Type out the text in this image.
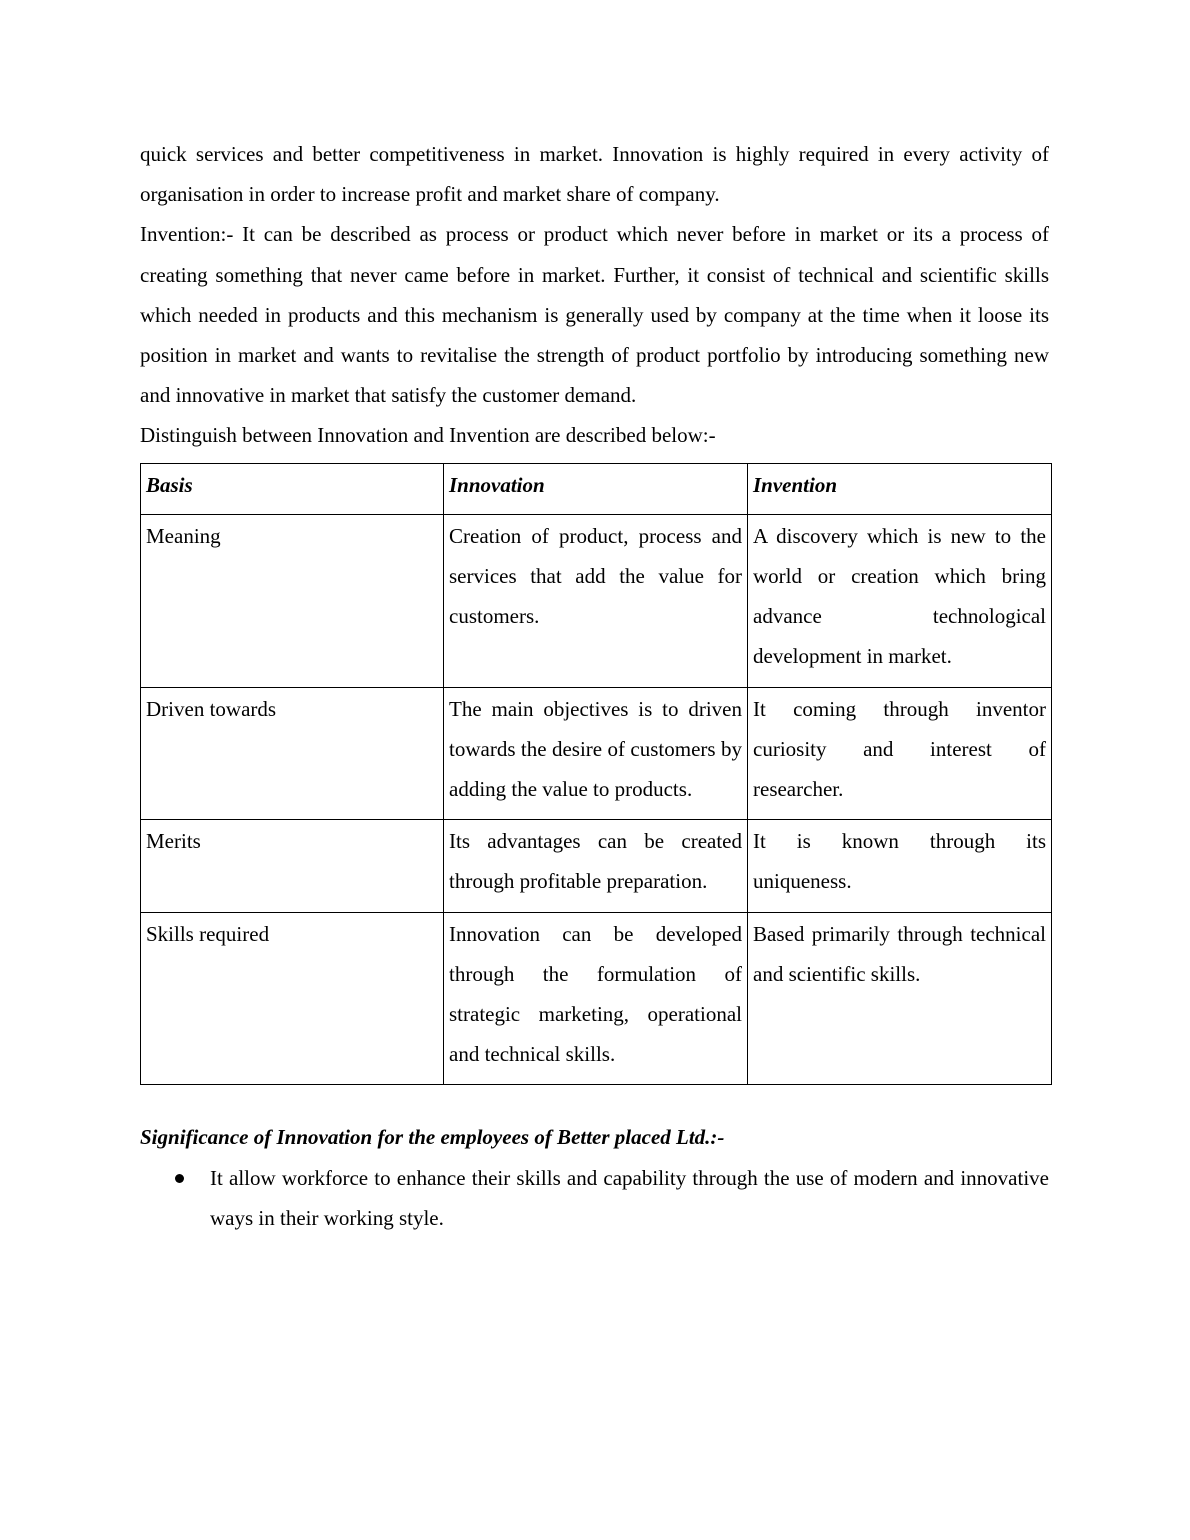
quick services and better competitiveness in market. Innovation is highly required in every activity of organisation in order to increase profit and market share of company.

Invention:- It can be described as process or product which never before in market or its a process of creating something that never came before in market. Further, it consist of technical and scientific skills which needed in products and this mechanism is generally used by company at the time when it loose its position in market and wants to revitalise the strength of product portfolio by introducing something new and innovative in market that satisfy the customer demand.

Distinguish between Innovation and Invention are described below:-

Basis	Innovation	Invention
Meaning	Creation of product, process and services that add the value for customers.	A discovery which is new to the world or creation which bring advance technological development in market.
Driven towards	The main objectives is to driven towards the desire of customers by adding the value to products.	It coming through inventor curiosity and interest of researcher.
Merits	Its advantages can be created through profitable preparation.	It is known through its uniqueness.
Skills required	Innovation can be developed through the formulation of strategic marketing, operational and technical skills.	Based primarily through technical and scientific skills.

Significance of Innovation for the employees of Better placed Ltd.:-

It allow workforce to enhance their skills and capability through the use of modern and innovative ways in their working style.
